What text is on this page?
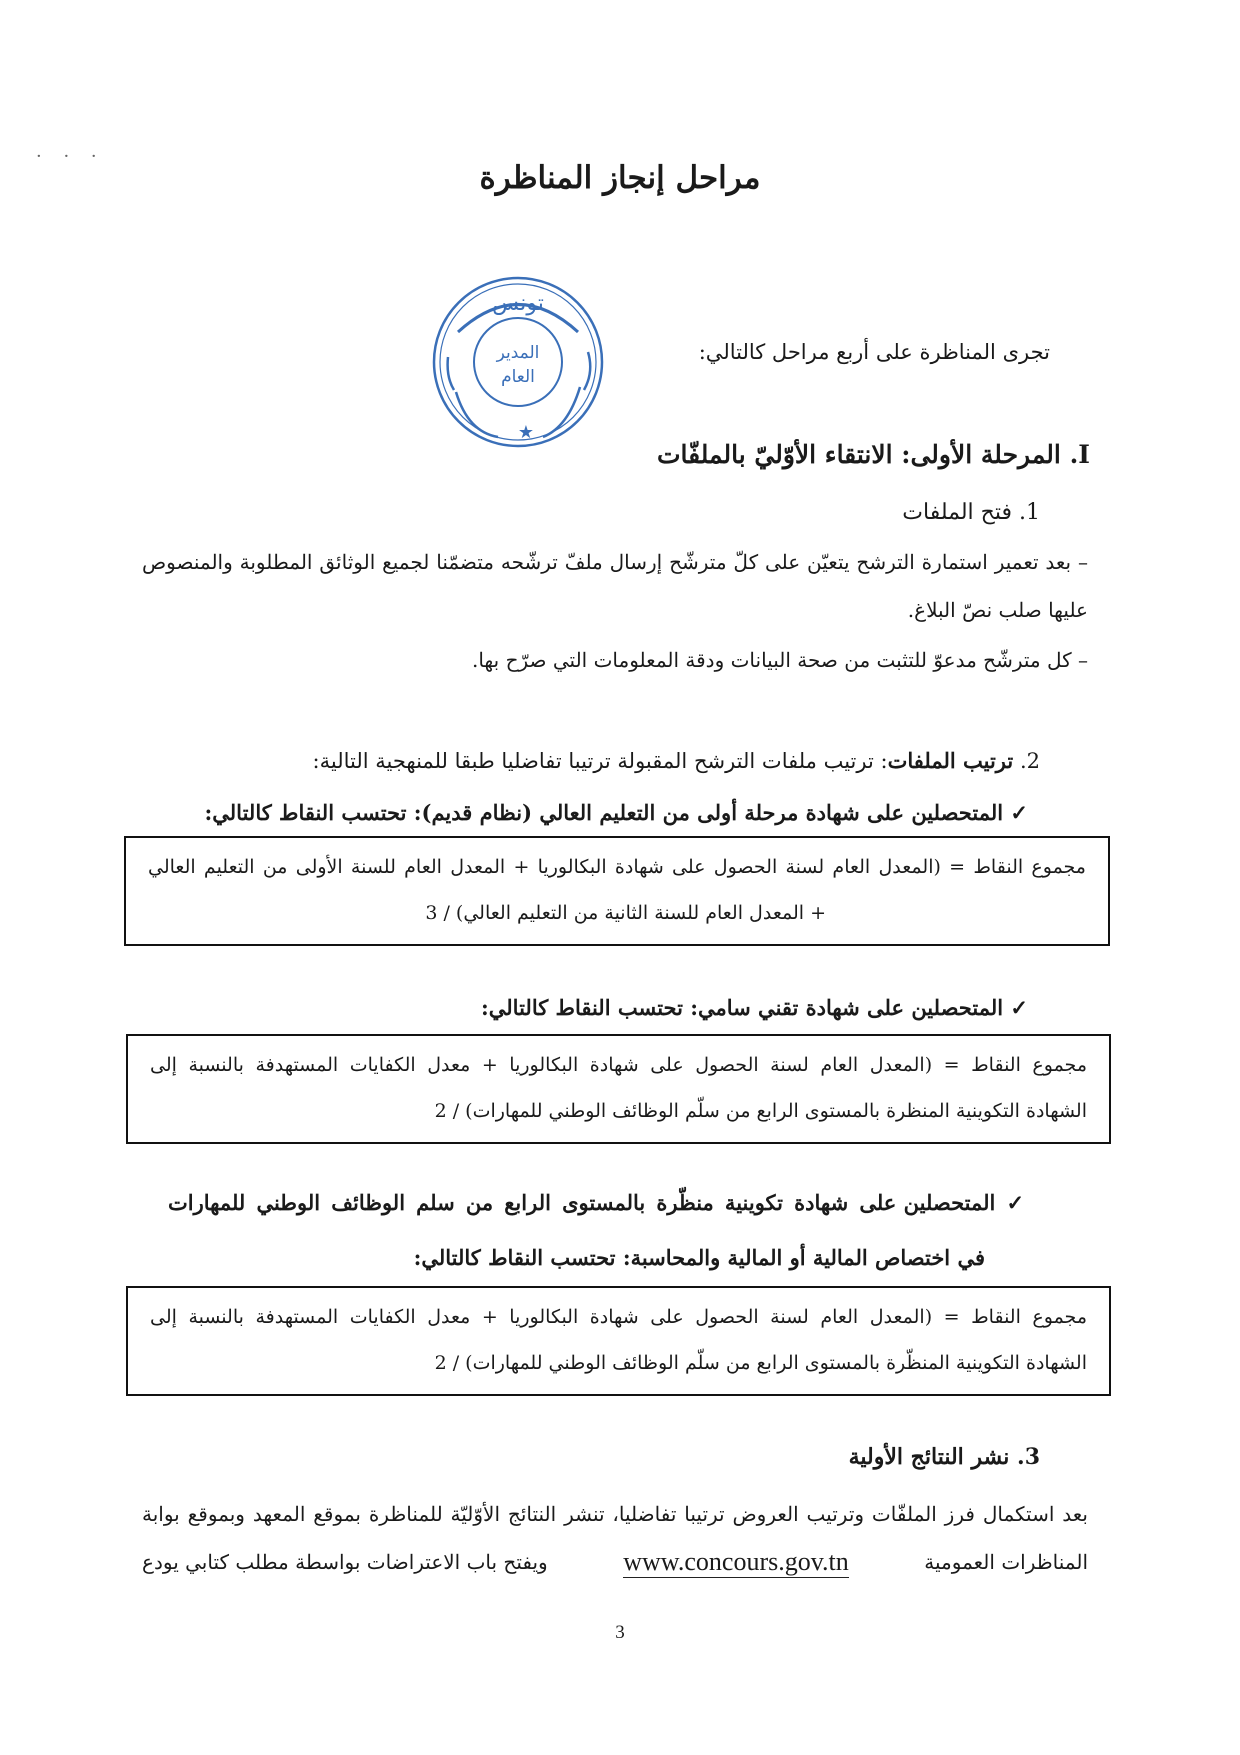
· · ·
مراحل إنجاز المناظرة
تونس
المدير
العام
★
تجرى المناظرة على أربع مراحل كالتالي:
I. المرحلة الأولى: الانتقاء الأوّليّ بالملفّات
1. فتح الملفات
– بعد تعمير استمارة الترشح يتعيّن على كلّ مترشّح إرسال ملفّ ترشّحه متضمّنا لجميع الوثائق المطلوبة والمنصوص عليها صلب نصّ البلاغ.
– كل مترشّح مدعوّ للتثبت من صحة البيانات ودقة المعلومات التي صرّح بها.
2. ترتيب الملفات: ترتيب ملفات الترشح المقبولة ترتيبا تفاضليا طبقا للمنهجية التالية:
✓ المتحصلين على شهادة مرحلة أولى من التعليم العالي (نظام قديم): تحتسب النقاط كالتالي:
مجموع النقاط = (المعدل العام لسنة الحصول على شهادة البكالوريا + المعدل العام للسنة الأولى من التعليم العالي
+ المعدل العام للسنة الثانية من التعليم العالي) / 3
✓ المتحصلين على شهادة تقني سامي: تحتسب النقاط كالتالي:
مجموع النقاط = (المعدل العام لسنة الحصول على شهادة البكالوريا + معدل الكفايات المستهدفة بالنسبة إلى
الشهادة التكوينية المنظرة بالمستوى الرابع من سلّم الوظائف الوطني للمهارات) / 2
✓ المتحصلين على شهادة تكوينية منظّرة بالمستوى الرابع من سلم الوظائف الوطني للمهارات
في اختصاص المالية أو المالية والمحاسبة: تحتسب النقاط كالتالي:
مجموع النقاط = (المعدل العام لسنة الحصول على شهادة البكالوريا + معدل الكفايات المستهدفة بالنسبة إلى
الشهادة التكوينية المنظّرة بالمستوى الرابع من سلّم الوظائف الوطني للمهارات) / 2
3. نشر النتائج الأولية
بعد استكمال فرز الملفّات وترتيب العروض ترتيبا تفاضليا، تنشر النتائج الأوّليّة للمناظرة بموقع المعهد وبموقع بوابة
المناظرات العمومية
www.concours.gov.tn
ويفتح باب الاعتراضات بواسطة مطلب كتابي يودع
3
